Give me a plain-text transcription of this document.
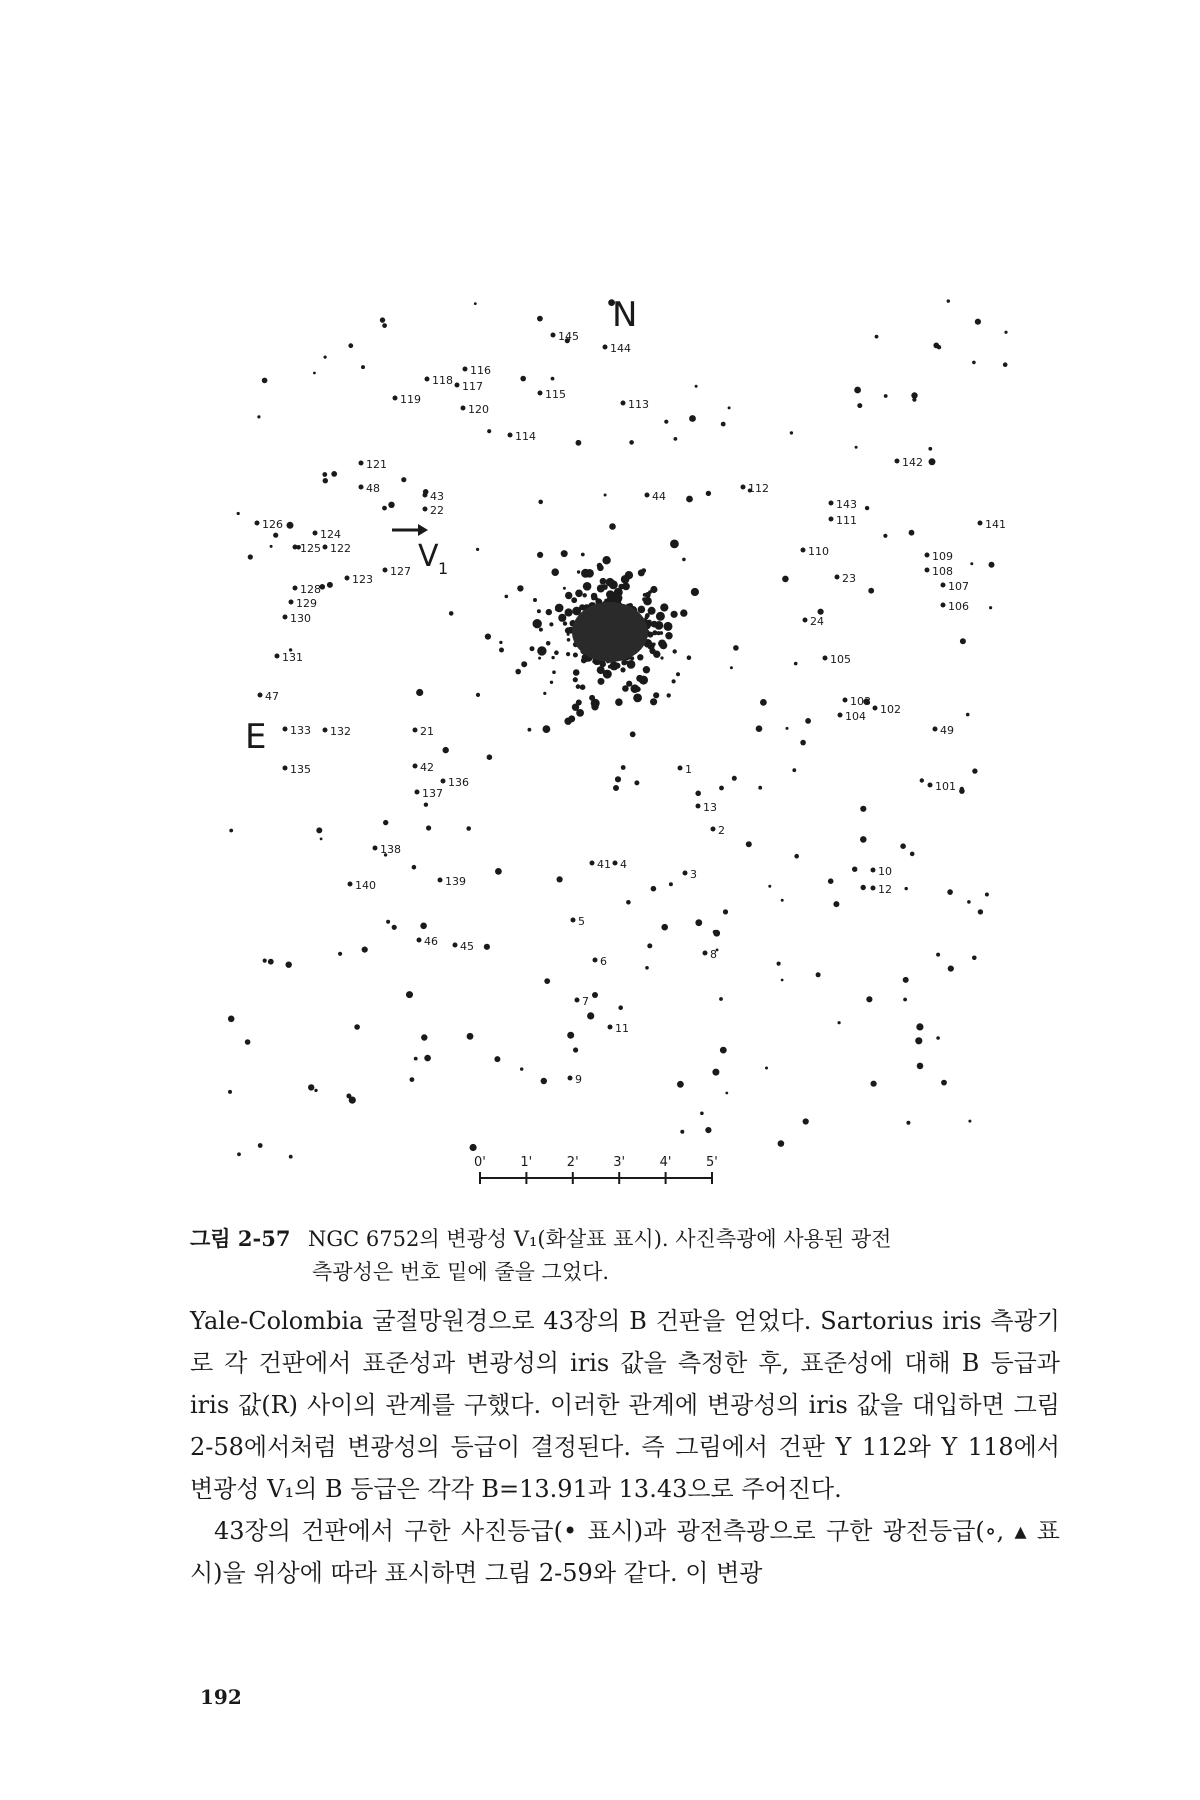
145
144
116
118 117
119
120
115
113
114
142
121
48
43
22
44
112
143
111	141
126
124
125 122	110	109
108
107
106
123
127
23
128
129
130	24
131	105
47	103
104
102
49
133 132	21
135	42
136
137
1
101
13
2
138
41 4
3	10
12
140	139
5
46 45
6
8
7
11
9
N
E
V 1
0'	1'	2'	3'	4'	5'
그림 2-57 NGC 6752의 변광성 V₁(화살표 표시). 사진측광에 사용된 광전
측광성은 번호 밑에 줄을 그었다.

Yale-Colombia 굴절망원경으로 43장의 B 건판을 얻었다. Sartorius iris 측광기로 각 건판에서 표준성과 변광성의 iris 값을 측정한 후, 표준성에 대해 B 등급과 iris 값(R) 사이의 관계를 구했다. 이러한 관계에 변광성의 iris 값을 대입하면 그림 2-58에서처럼 변광성의 등급이 결정된다. 즉 그림에서 건판 Y 112와 Y 118에서 변광성 V₁의 B 등급은 각각 B=13.91과 13.43으로 주어진다.

43장의 건판에서 구한 사진등급(• 표시)과 광전측광으로 구한 광전등급(∘, ▴ 표시)을 위상에 따라 표시하면 그림 2-59와 같다. 이 변광

192
